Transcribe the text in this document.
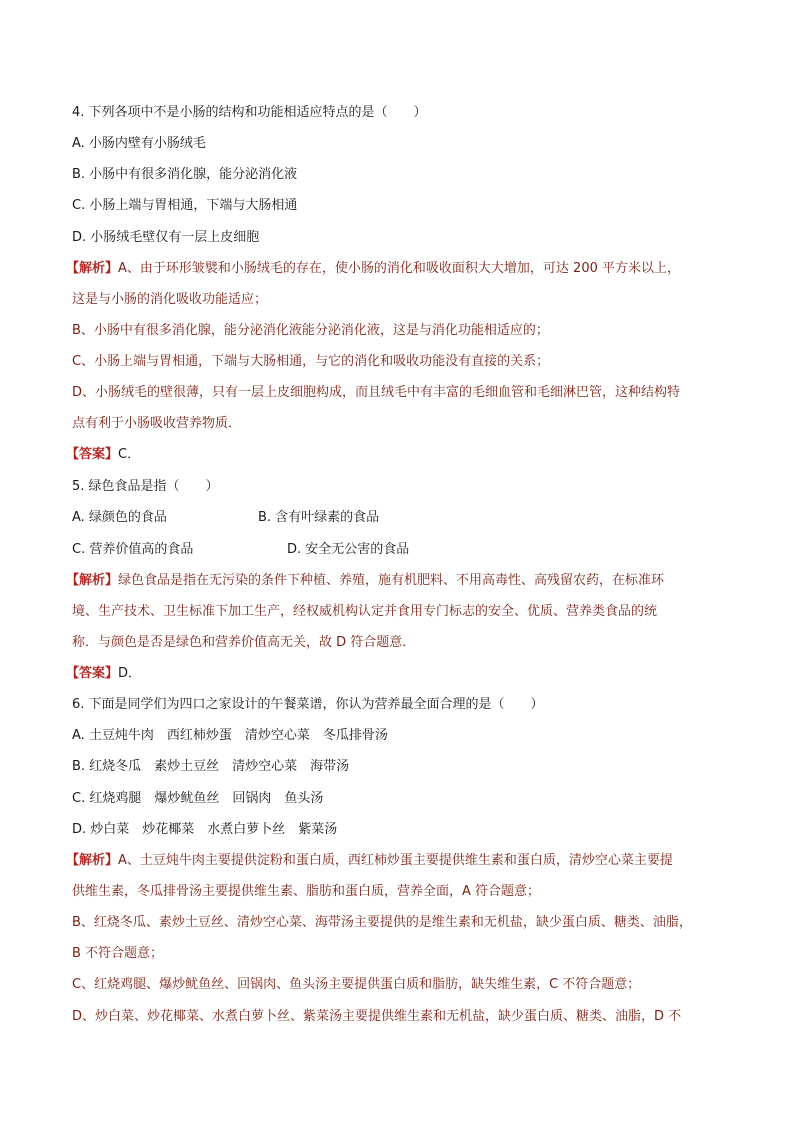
4. 下列各项中不是小肠的结构和功能相适应特点的是（　　）
A. 小肠内壁有小肠绒毛
B. 小肠中有很多消化腺，能分泌消化液
C. 小肠上端与胃相通，下端与大肠相通
D. 小肠绒毛壁仅有一层上皮细胞
【解析】A、由于环形皱襞和小肠绒毛的存在，使小肠的消化和吸收面积大大增加，可达 200 平方米以上，
这是与小肠的消化吸收功能适应；
B、小肠中有很多消化腺，能分泌消化液能分泌消化液，这是与消化功能相适应的；
C、小肠上端与胃相通，下端与大肠相通，与它的消化和吸收功能没有直接的关系；
D、小肠绒毛的壁很薄，只有一层上皮细胞构成，而且绒毛中有丰富的毛细血管和毛细淋巴管，这种结构特
点有利于小肠吸收营养物质．
【答案】C．
5. 绿色食品是指（　　）
A. 绿颜色的食品	B. 含有叶绿素的食品
C. 营养价值高的食品	D. 安全无公害的食品
【解析】绿色食品是指在无污染的条件下种植、养殖，施有机肥料、不用高毒性、高残留农药，在标准环
境、生产技术、卫生标准下加工生产，经权威机构认定并食用专门标志的安全、优质、营养类食品的统
称．与颜色是否是绿色和营养价值高无关，故 D 符合题意．
【答案】D．
6. 下面是同学们为四口之家设计的午餐菜谱，你认为营养最全面合理的是（　　）
A. 土豆炖牛肉　西红柿炒蛋　清炒空心菜　冬瓜排骨汤
B. 红烧冬瓜　素炒土豆丝　清炒空心菜　海带汤
C. 红烧鸡腿　爆炒鱿鱼丝　回锅肉　鱼头汤
D. 炒白菜　炒花椰菜　水煮白萝卜丝　紫菜汤
【解析】A、土豆炖牛肉主要提供淀粉和蛋白质，西红柿炒蛋主要提供维生素和蛋白质，清炒空心菜主要提
供维生素，冬瓜排骨汤主要提供维生素、脂肪和蛋白质，营养全面，A 符合题意；
B、红烧冬瓜、素炒土豆丝、清炒空心菜、海带汤主要提供的是维生素和无机盐，缺少蛋白质、糖类、油脂，
B 不符合题意；
C、红烧鸡腿、爆炒鱿鱼丝、回锅肉、鱼头汤主要提供蛋白质和脂肪，缺失维生素，C 不符合题意；
D、炒白菜、炒花椰菜、水煮白萝卜丝、紫菜汤主要提供维生素和无机盐，缺少蛋白质、糖类、油脂，D 不
